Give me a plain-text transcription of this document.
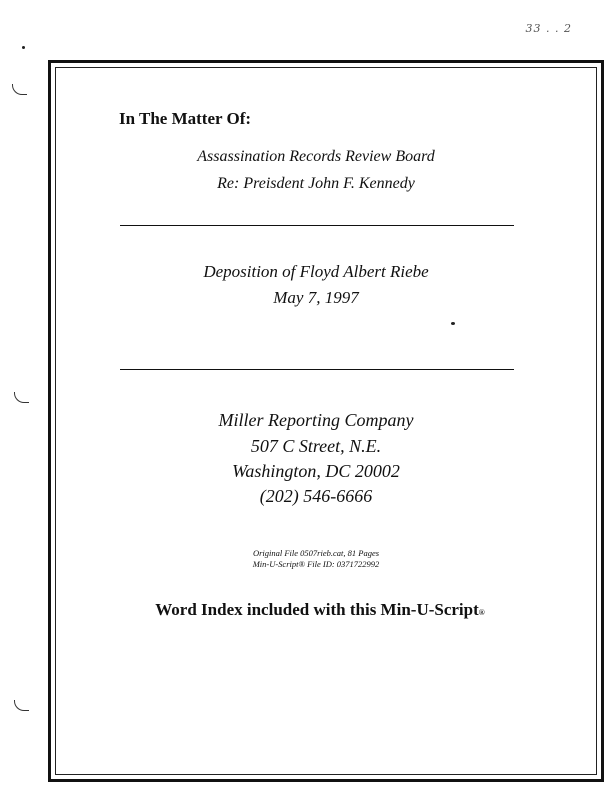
33 . . 2
In The Matter Of:
Assassination Records Review Board
Re: Preisdent John F. Kennedy
Deposition of Floyd Albert Riebe
May 7, 1997
Miller Reporting Company
507 C Street, N.E.
Washington, DC 20002
(202) 546-6666
Original File 0507rieb.cat, 81 Pages
Min-U-Script® File ID: 0371722992
Word Index included with this Min-U-Script®
